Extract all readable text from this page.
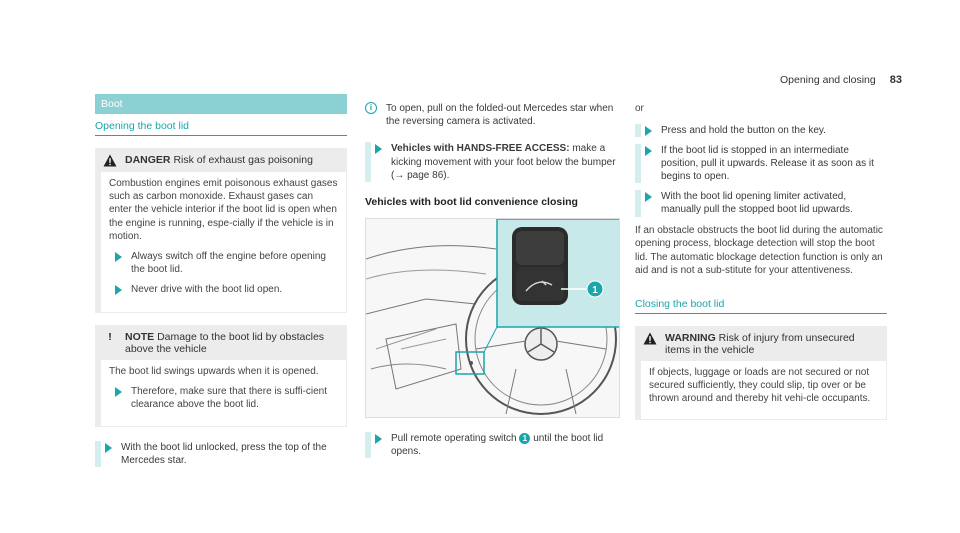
Opening and closing 83
Boot
Opening the boot lid
DANGER Risk of exhaust gas poisoning

Combustion engines emit poisonous exhaust gases such as carbon monoxide. Exhaust gases can enter the vehicle interior if the boot lid is open when the engine is running, espe-cially if the vehicle is in motion.

Always switch off the engine before opening the boot lid.
Never drive with the boot lid open.
!	NOTE Damage to the boot lid by obstacles above the vehicle

The boot lid swings upwards when it is opened.

Therefore, make sure that there is suffi-cient clearance above the boot lid.
With the boot lid unlocked, press the top of the Mercedes star.
i	To open, pull on the folded-out Mercedes star when the reversing camera is activated.
Vehicles with HANDS-FREE ACCESS: make a kicking movement with your foot below the bumper (→ page 86).
Vehicles with boot lid convenience closing
1
Pull remote operating switch 1 until the boot lid opens.
or
Press and hold the button on the key.
If the boot lid is stopped in an intermediate position, pull it upwards. Release it as soon as it begins to open.
With the boot lid opening limiter activated, manually pull the stopped boot lid upwards.

If an obstacle obstructs the boot lid during the automatic opening process, blockage detection will stop the boot lid. The automatic blockage detection function is only an aid and is not a sub-stitute for your attentiveness.

Closing the boot lid
WARNING Risk of injury from unsecured items in the vehicle

If objects, luggage or loads are not secured or not secured sufficiently, they could slip, tip over or be thrown around and thereby hit vehi-cle occupants.
